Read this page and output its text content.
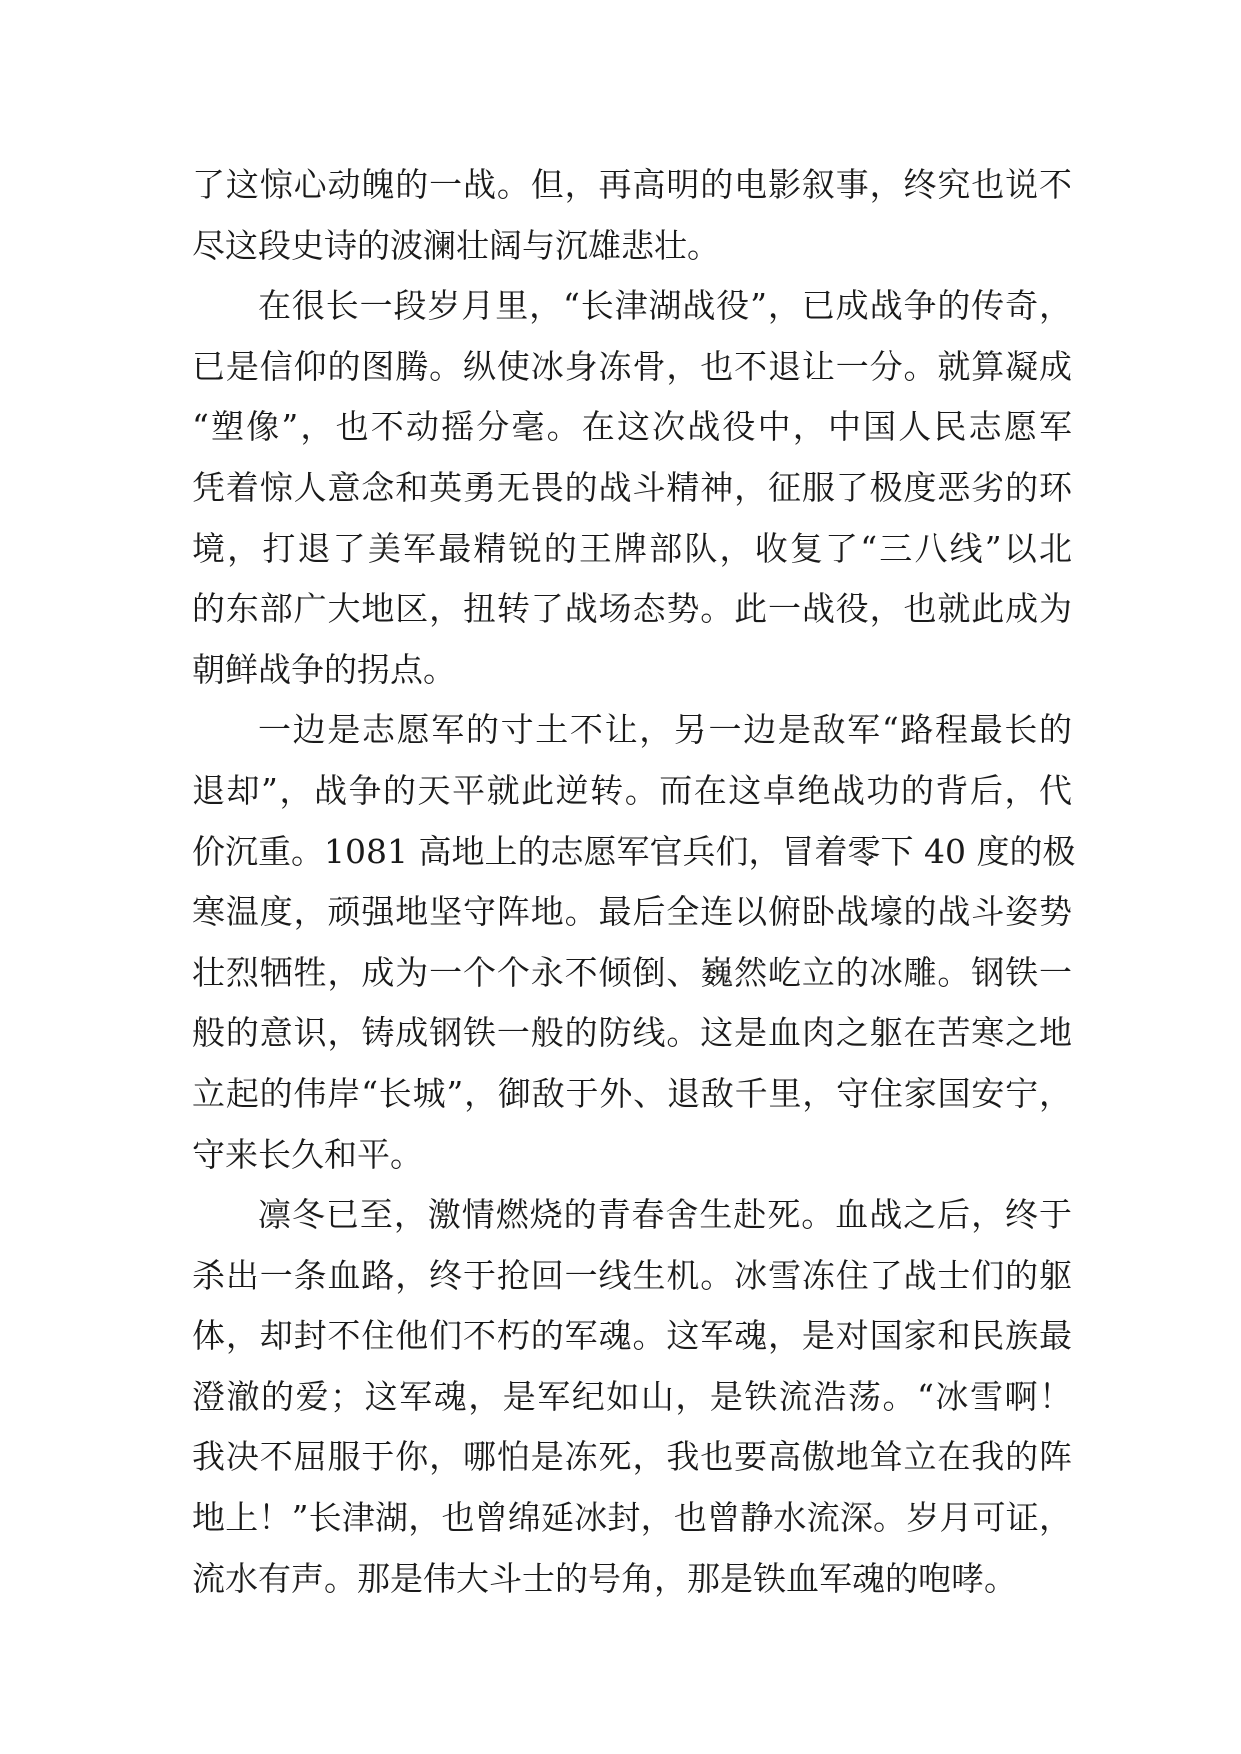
了这惊心动魄的一战。但，再高明的电影叙事，终究也说不
尽这段史诗的波澜壮阔与沉雄悲壮。
在很长一段岁月里，“长津湖战役”，已成战争的传奇，
已是信仰的图腾。纵使冰身冻骨，也不退让一分。就算凝成
“塑像”，也不动摇分毫。在这次战役中，中国人民志愿军
凭着惊人意念和英勇无畏的战斗精神，征服了极度恶劣的环
境，打退了美军最精锐的王牌部队，收复了“三八线”以北
的东部广大地区，扭转了战场态势。此一战役，也就此成为
朝鲜战争的拐点。
一边是志愿军的寸土不让，另一边是敌军“路程最长的
退却”，战争的天平就此逆转。而在这卓绝战功的背后，代
价沉重。1081 高地上的志愿军官兵们，冒着零下 40 度的极
寒温度，顽强地坚守阵地。最后全连以俯卧战壕的战斗姿势
壮烈牺牲，成为一个个永不倾倒、巍然屹立的冰雕。钢铁一
般的意识，铸成钢铁一般的防线。这是血肉之躯在苦寒之地
立起的伟岸“长城”，御敌于外、退敌千里，守住家国安宁，
守来长久和平。
凛冬已至，激情燃烧的青春舍生赴死。血战之后，终于
杀出一条血路，终于抢回一线生机。冰雪冻住了战士们的躯
体，却封不住他们不朽的军魂。这军魂，是对国家和民族最
澄澈的爱；这军魂，是军纪如山，是铁流浩荡。“冰雪啊！
我决不屈服于你，哪怕是冻死，我也要高傲地耸立在我的阵
地上！”长津湖，也曾绵延冰封，也曾静水流深。岁月可证，
流水有声。那是伟大斗士的号角，那是铁血军魂的咆哮。
